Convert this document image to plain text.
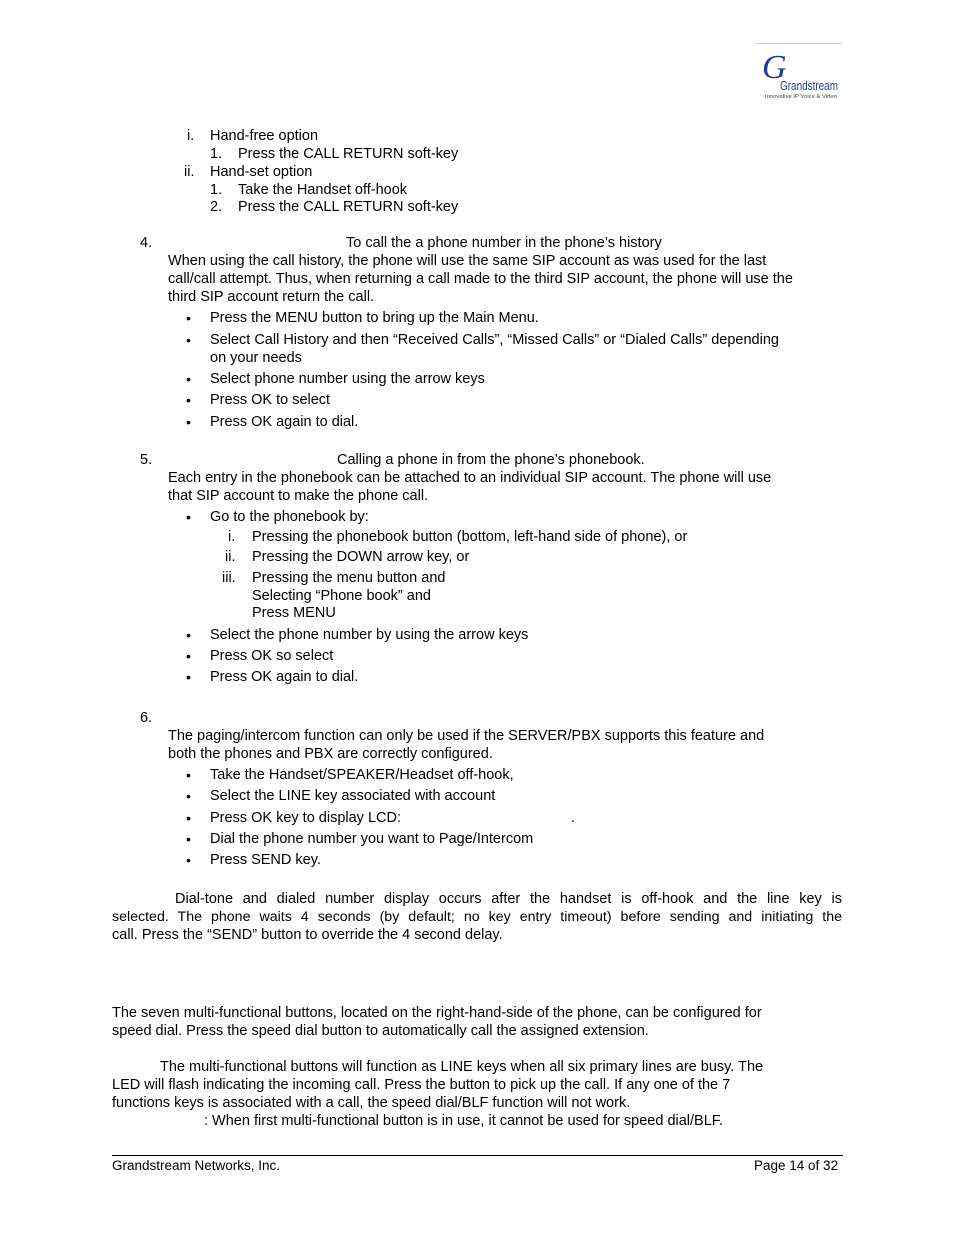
G
Grandstream
Innovative IP Voice & Video
i. Hand-free option
1. Press the CALL RETURN soft-key
ii. Hand-set option
1. Take the Handset off-hook
2. Press the CALL RETURN soft-key
4.	To call the a phone number in the phone’s history
When using the call history, the phone will use the same SIP account as was used for the last
call/call attempt. Thus, when returning a call made to the third SIP account, the phone will use the
third SIP account return the call.
• Press the MENU button to bring up the Main Menu.
• Select Call History and then “Received Calls”, “Missed Calls” or “Dialed Calls” depending
on your needs
• Select phone number using the arrow keys
• Press OK to select
• Press OK again to dial.
5.	Calling a phone in from the phone’s phonebook.
Each entry in the phonebook can be attached to an individual SIP account. The phone will use
that SIP account to make the phone call.
• Go to the phonebook by:
i. Pressing the phonebook button (bottom, left-hand side of phone), or
ii. Pressing the DOWN arrow key, or
iii. Pressing the menu button and
Selecting “Phone book” and
Press MENU
• Select the phone number by using the arrow keys
• Press OK so select
• Press OK again to dial.
6.
The paging/intercom function can only be used if the SERVER/PBX supports this feature and
both the phones and PBX are correctly configured.
• Take the Handset/SPEAKER/Headset off-hook,
• Select the LINE key associated with account
• Press OK key to display LCD:	.
• Dial the phone number you want to Page/Intercom
• Press SEND key.
Dial-tone and dialed number display occurs after the handset is off-hook and the line key is
selected. The phone waits 4 seconds (by default; no key entry timeout) before sending and initiating the
call. Press the “SEND” button to override the 4 second delay.
The seven multi-functional buttons, located on the right-hand-side of the phone, can be configured for
speed dial. Press the speed dial button to automatically call the assigned extension.
The multi-functional buttons will function as LINE keys when all six primary lines are busy. The
LED will flash indicating the incoming call. Press the button to pick up the call. If any one of the 7
functions keys is associated with a call, the speed dial/BLF function will not work.
: When first multi-functional button is in use, it cannot be used for speed dial/BLF.
Grandstream Networks, Inc.	Page 14 of 32
